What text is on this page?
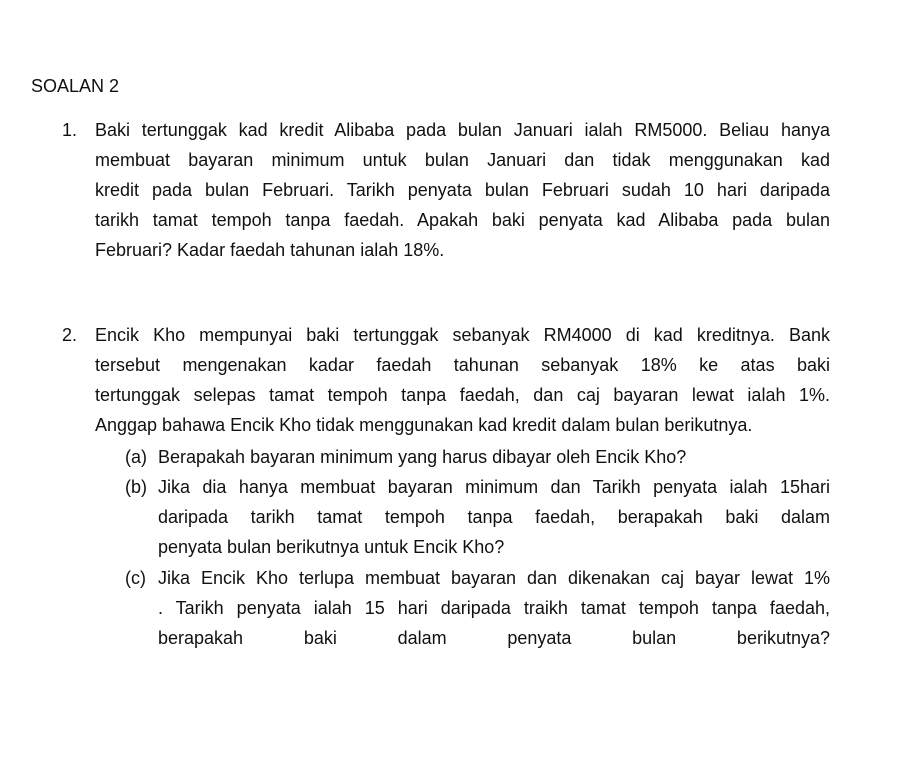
SOALAN 2
1. Baki tertunggak kad kredit Alibaba pada bulan Januari ialah RM5000. Beliau hanya
membuat bayaran minimum untuk bulan Januari dan tidak menggunakan kad
kredit pada bulan Februari. Tarikh penyata bulan Februari sudah 10 hari daripada
tarikh tamat tempoh tanpa faedah. Apakah baki penyata kad Alibaba pada bulan
Februari? Kadar faedah tahunan ialah 18%.
2. Encik Kho mempunyai baki tertunggak sebanyak RM4000 di kad kreditnya. Bank
tersebut mengenakan kadar faedah tahunan sebanyak 18% ke atas baki
tertunggak selepas tamat tempoh tanpa faedah, dan caj bayaran lewat ialah 1%.
Anggap bahawa Encik Kho tidak menggunakan kad kredit dalam bulan berikutnya.
(a) Berapakah bayaran minimum yang harus dibayar oleh Encik Kho?
(b) Jika dia hanya membuat bayaran minimum dan Tarikh penyata ialah 15hari
daripada tarikh tamat tempoh tanpa faedah, berapakah baki dalam
penyata bulan berikutnya untuk Encik Kho?
(c) Jika Encik Kho terlupa membuat bayaran dan dikenakan caj bayar lewat 1%
. Tarikh penyata ialah 15 hari daripada traikh tamat tempoh tanpa faedah,
berapakah baki dalam penyata bulan berikutnya?
